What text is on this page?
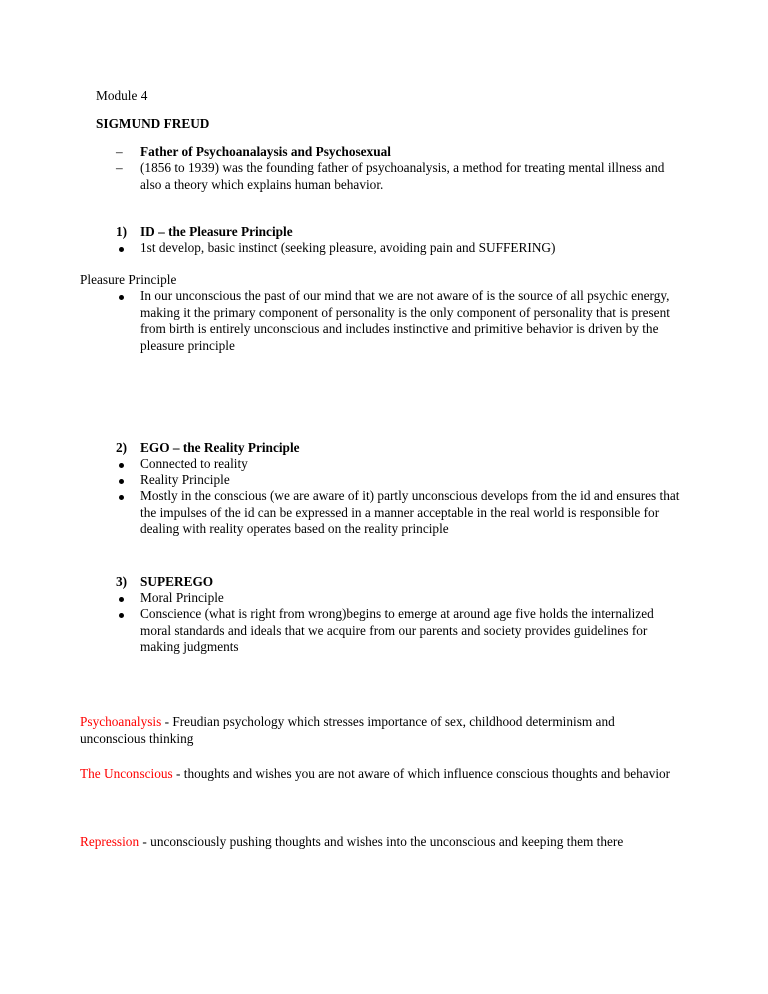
Module 4

SIGMUND FREUD

– Father of Psychoanalaysis and Psychosexual
– (1856 to 1939) was the founding father of psychoanalysis, a method for treating mental illness and also a theory which explains human behavior.
1) ID – the Pleasure Principle
1st develop, basic instinct (seeking pleasure, avoiding pain and SUFFERING)

Pleasure Principle

In our unconscious the past of our mind that we are not aware of is the source of all psychic energy, making it the primary component of personality is the only component of personality that is present from birth is entirely unconscious and includes instinctive and primitive behavior is driven by the pleasure principle
2) EGO – the Reality Principle
Connected to reality
Reality Principle
Mostly in the conscious (we are aware of it) partly unconscious develops from the id and ensures that the impulses of the id can be expressed in a manner acceptable in the real world is responsible for dealing with reality operates based on the reality principle
3) SUPEREGO
Moral Principle
Conscience (what is right from wrong)begins to emerge at around age five holds the internalized moral standards and ideals that we acquire from our parents and society provides guidelines for making judgments
Psychoanalysis - Freudian psychology which stresses importance of sex, childhood determinism and unconscious thinking
The Unconscious - thoughts and wishes you are not aware of which influence conscious thoughts and behavior
Repression - unconsciously pushing thoughts and wishes into the unconscious and keeping them there
